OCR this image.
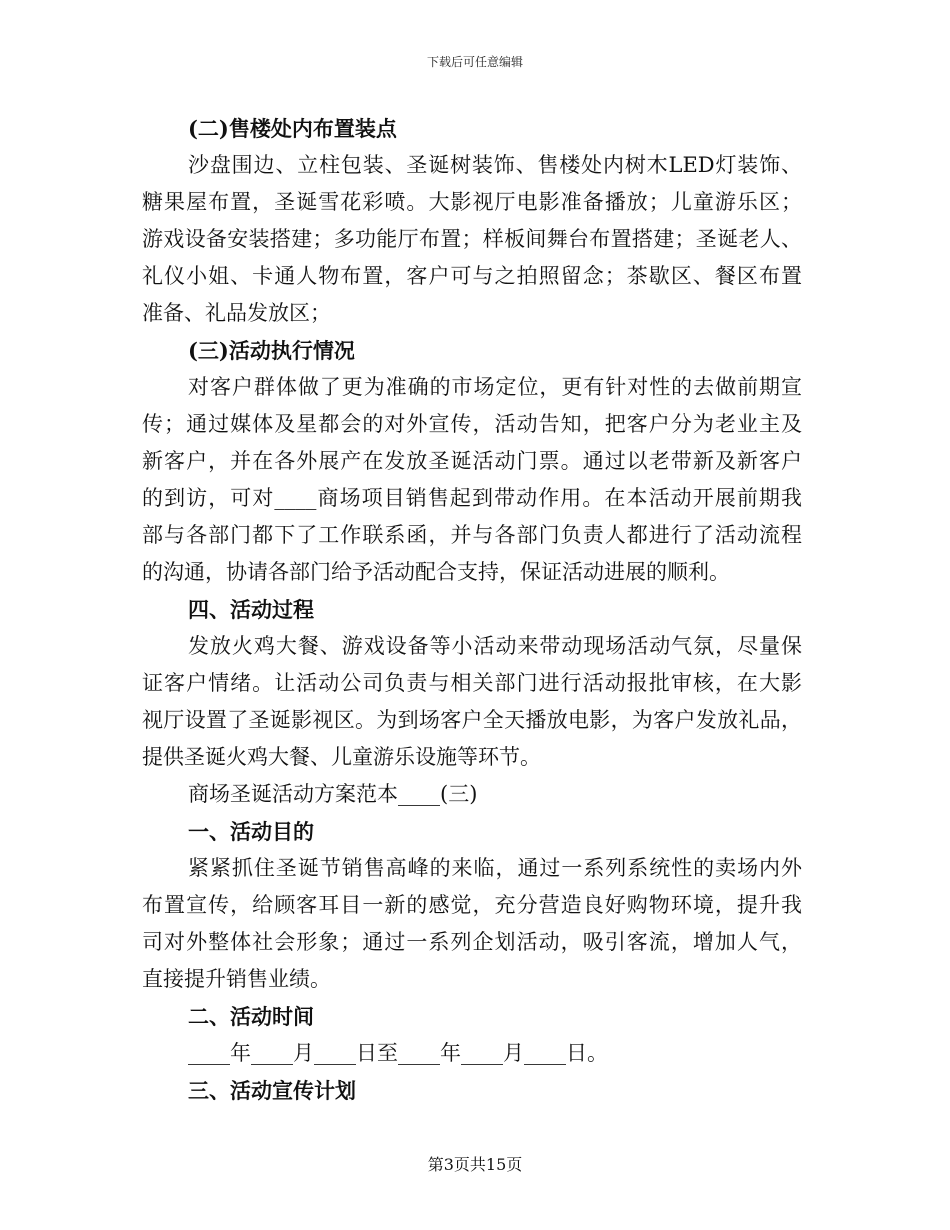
下载后可任意编辑
(二)售楼处内布置装点
沙盘围边、立柱包装、圣诞树装饰、售楼处内树木LED灯装饰、
糖果屋布置，圣诞雪花彩喷。大影视厅电影准备播放；儿童游乐区；
游戏设备安装搭建；多功能厅布置；样板间舞台布置搭建；圣诞老人、
礼仪小姐、卡通人物布置，客户可与之拍照留念；茶歇区、餐区布置
准备、礼品发放区；
(三)活动执行情况
对客户群体做了更为准确的市场定位，更有针对性的去做前期宣
传；通过媒体及星都会的对外宣传，活动告知，把客户分为老业主及
新客户，并在各外展产在发放圣诞活动门票。通过以老带新及新客户
的到访，可对____商场项目销售起到带动作用。在本活动开展前期我
部与各部门都下了工作联系函，并与各部门负责人都进行了活动流程
的沟通，协请各部门给予活动配合支持，保证活动进展的顺利。
四、活动过程
发放火鸡大餐、游戏设备等小活动来带动现场活动气氛，尽量保
证客户情绪。让活动公司负责与相关部门进行活动报批审核，在大影
视厅设置了圣诞影视区。为到场客户全天播放电影，为客户发放礼品，
提供圣诞火鸡大餐、儿童游乐设施等环节。
商场圣诞活动方案范本____(三)
一、活动目的
紧紧抓住圣诞节销售高峰的来临，通过一系列系统性的卖场内外
布置宣传，给顾客耳目一新的感觉，充分营造良好购物环境，提升我
司对外整体社会形象；通过一系列企划活动，吸引客流，增加人气，
直接提升销售业绩。
二、活动时间
____年____月____日至____年____月____日。
三、活动宣传计划
第3页共15页
